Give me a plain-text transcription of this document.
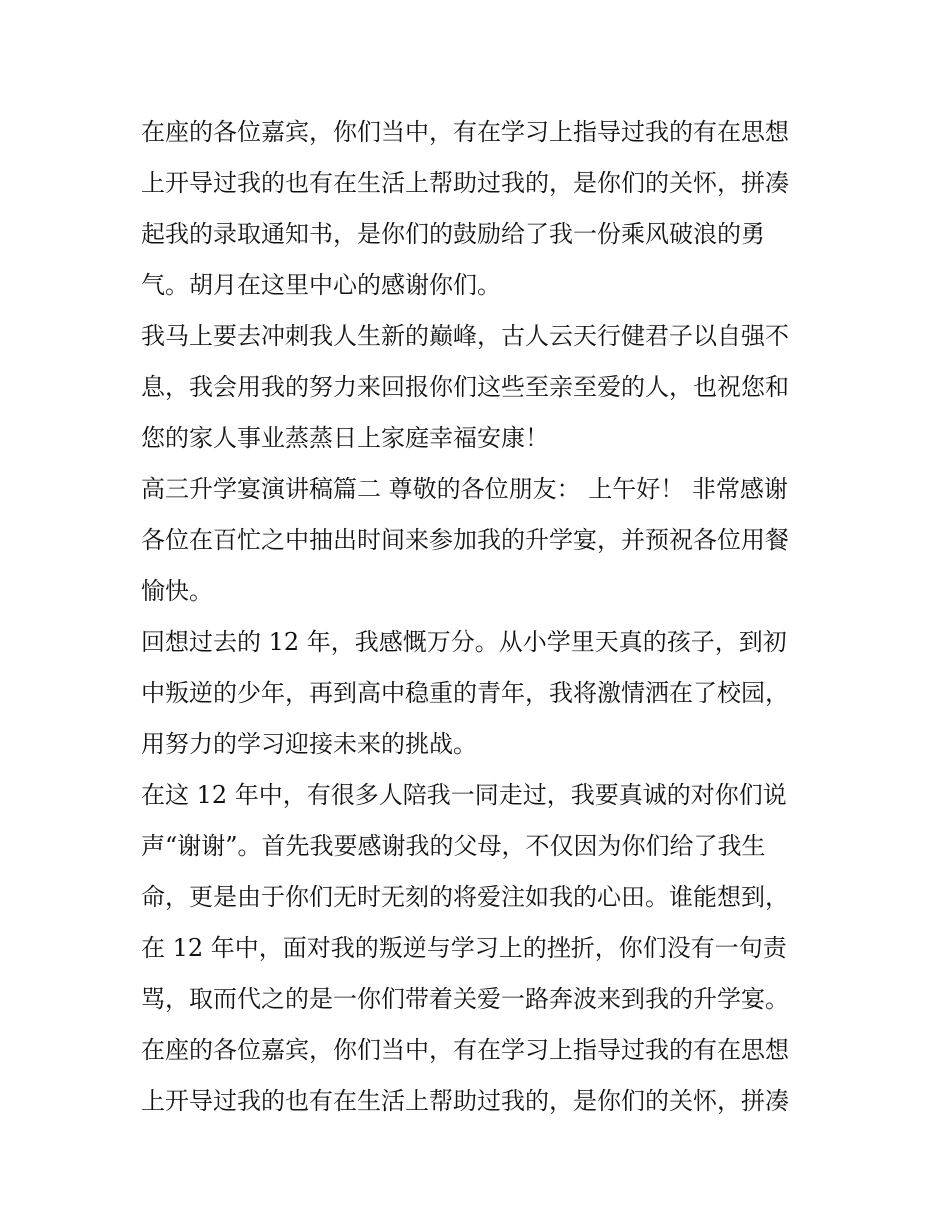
在座的各位嘉宾，你们当中，有在学习上指导过我的有在思想
上开导过我的也有在生活上帮助过我的，是你们的关怀，拼凑
起我的录取通知书，是你们的鼓励给了我一份乘风破浪的勇
气。胡月在这里中心的感谢你们。
我马上要去冲刺我人生新的巅峰，古人云天行健君子以自强不
息，我会用我的努力来回报你们这些至亲至爱的人，也祝您和
您的家人事业蒸蒸日上家庭幸福安康！
高三升学宴演讲稿篇二 尊敬的各位朋友： 上午好！ 非常感谢
各位在百忙之中抽出时间来参加我的升学宴，并预祝各位用餐
愉快。
回想过去的 12 年，我感慨万分。从小学里天真的孩子，到初
中叛逆的少年，再到高中稳重的青年，我将激情洒在了校园，
用努力的学习迎接未来的挑战。
在这 12 年中，有很多人陪我一同走过，我要真诚的对你们说
声“谢谢”。首先我要感谢我的父母，不仅因为你们给了我生
命，更是由于你们无时无刻的将爱注如我的心田。谁能想到，
在 12 年中，面对我的叛逆与学习上的挫折，你们没有一句责
骂，取而代之的是一你们带着关爱一路奔波来到我的升学宴。
在座的各位嘉宾，你们当中，有在学习上指导过我的有在思想
上开导过我的也有在生活上帮助过我的，是你们的关怀，拼凑
